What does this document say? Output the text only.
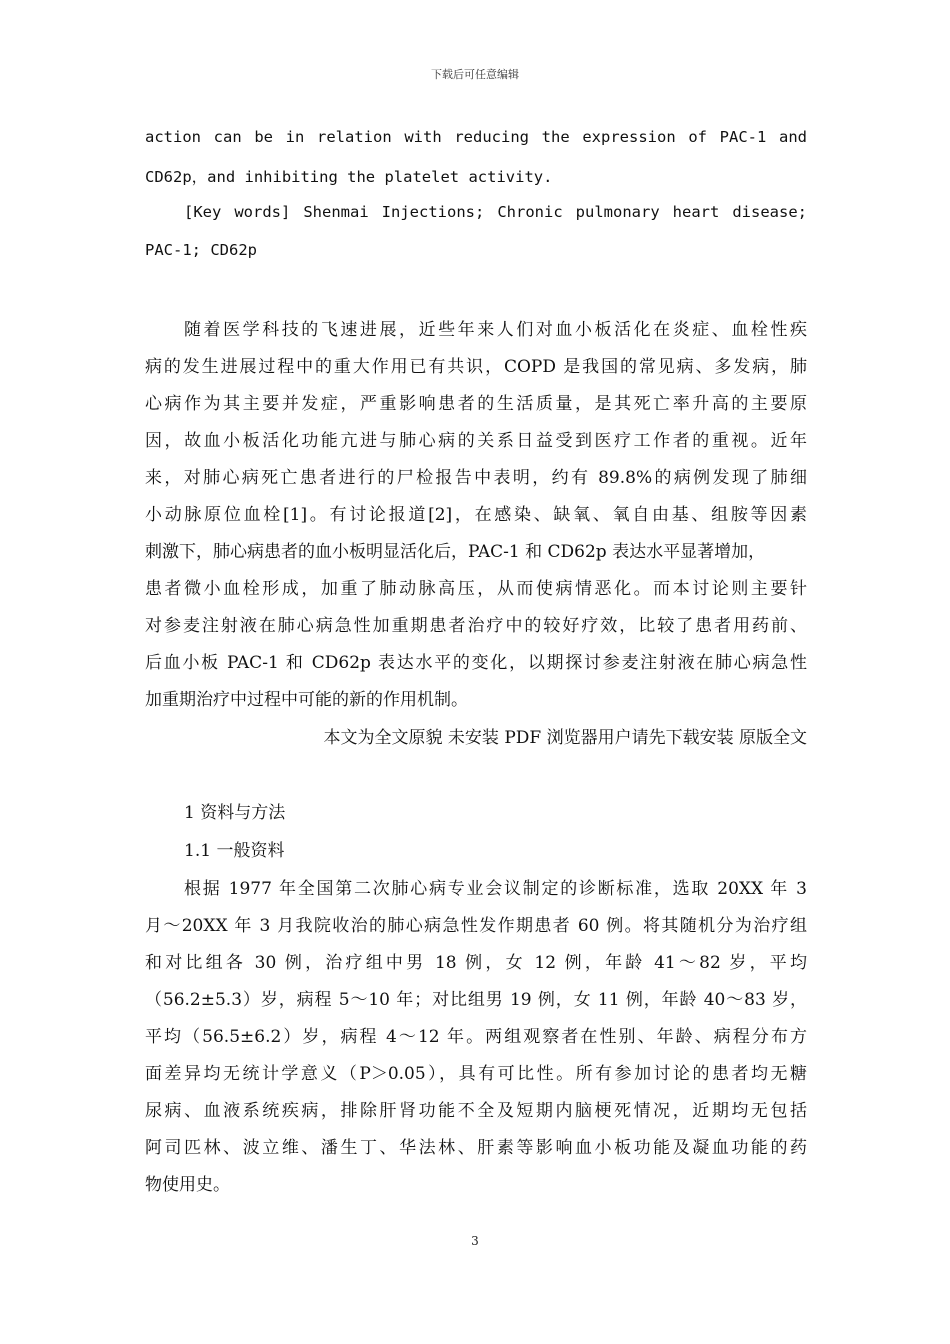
下载后可任意编辑
action can be in relation with reducing the expression of PAC-1 and
CD62p，and inhibiting the platelet activity.
[Key words] Shenmai Injections; Chronic pulmonary heart disease;
PAC-1; CD62p
随着医学科技的飞速进展，近些年来人们对血小板活化在炎症、血栓性疾
病的发生进展过程中的重大作用已有共识，COPD 是我国的常见病、多发病，肺
心病作为其主要并发症，严重影响患者的生活质量，是其死亡率升高的主要原
因，故血小板活化功能亢进与肺心病的关系日益受到医疗工作者的重视。近年
来，对肺心病死亡患者进行的尸检报告中表明，约有 89.8%的病例发现了肺细
小动脉原位血栓[1]。有讨论报道[2]，在感染、缺氧、氧自由基、组胺等因素
刺激下，肺心病患者的血小板明显活化后，PAC-1 和 CD62p 表达水平显著增加，
患者微小血栓形成，加重了肺动脉高压，从而使病情恶化。而本讨论则主要针
对参麦注射液在肺心病急性加重期患者治疗中的较好疗效，比较了患者用药前、
后血小板 PAC-1 和 CD62p 表达水平的变化，以期探讨参麦注射液在肺心病急性
加重期治疗中过程中可能的新的作用机制。
本文为全文原貌 未安装 PDF 浏览器用户请先下载安装 原版全文
1 资料与方法
1.1 一般资料
根据 1977 年全国第二次肺心病专业会议制定的诊断标准，选取 20XX 年 3
月～20XX 年 3 月我院收治的肺心病急性发作期患者 60 例。将其随机分为治疗组
和对比组各 30 例，治疗组中男 18 例，女 12 例，年龄 41～82 岁，平均
（56.2±5.3）岁，病程 5～10 年；对比组男 19 例，女 11 例，年龄 40～83 岁，
平均（56.5±6.2）岁，病程 4～12 年。两组观察者在性别、年龄、病程分布方
面差异均无统计学意义（P＞0.05），具有可比性。所有参加讨论的患者均无糖
尿病、血液系统疾病，排除肝肾功能不全及短期内脑梗死情况，近期均无包括
阿司匹林、波立维、潘生丁、华法林、肝素等影响血小板功能及凝血功能的药
物使用史。
3
